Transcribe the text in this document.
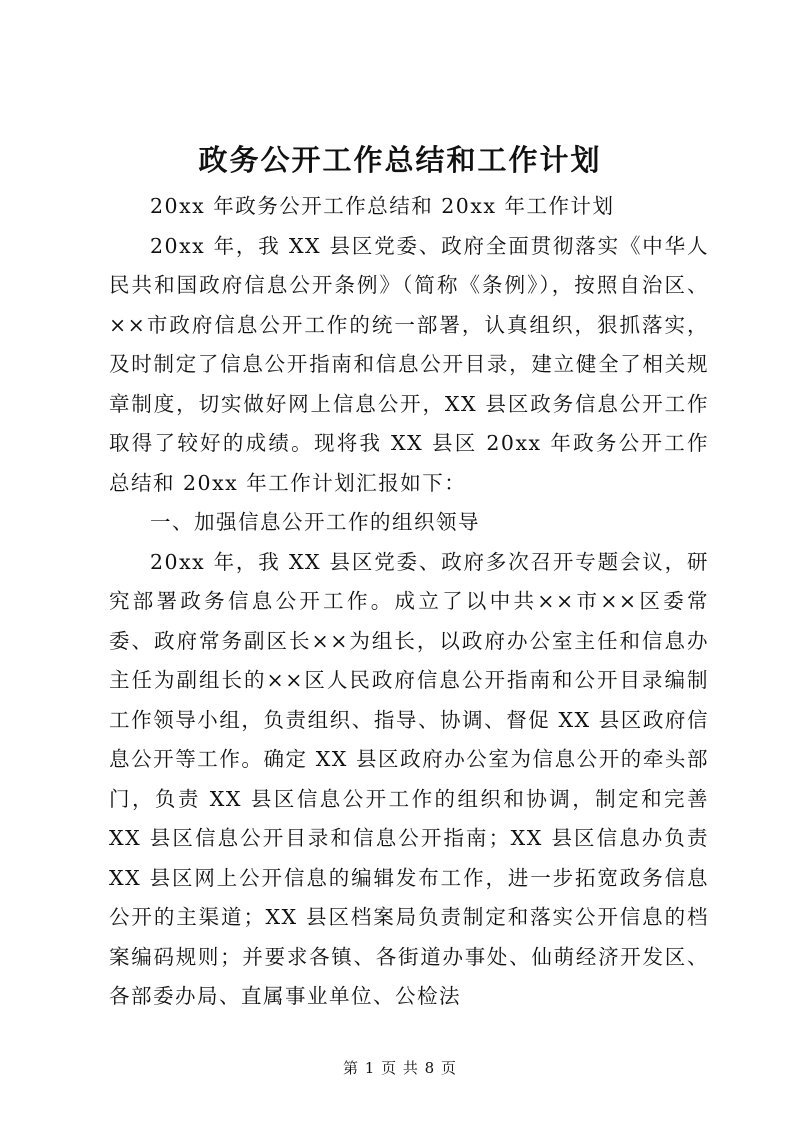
政务公开工作总结和工作计划

20xx 年政务公开工作总结和 20xx 年工作计划

20xx 年，我 XX 县区党委、政府全面贯彻落实《中华人民共和国政府信息公开条例》（简称《条例》），按照自治区、××市政府信息公开工作的统一部署，认真组织，狠抓落实，及时制定了信息公开指南和信息公开目录，建立健全了相关规章制度，切实做好网上信息公开，XX 县区政务信息公开工作取得了较好的成绩。现将我 XX 县区 20xx 年政务公开工作总结和 20xx 年工作计划汇报如下：

一、加强信息公开工作的组织领导

20xx 年，我 XX 县区党委、政府多次召开专题会议，研究部署政务信息公开工作。成立了以中共××市××区委常委、政府常务副区长××为组长，以政府办公室主任和信息办主任为副组长的××区人民政府信息公开指南和公开目录编制工作领导小组，负责组织、指导、协调、督促 XX 县区政府信息公开等工作。确定 XX 县区政府办公室为信息公开的牵头部门，负责 XX 县区信息公开工作的组织和协调，制定和完善 XX 县区信息公开目录和信息公开指南；XX 县区信息办负责 XX 县区网上公开信息的编辑发布工作，进一步拓宽政务信息公开的主渠道；XX 县区档案局负责制定和落实公开信息的档案编码规则；并要求各镇、各街道办事处、仙萌经济开发区、各部委办局、直属事业单位、公检法

第 1 页 共 8 页
